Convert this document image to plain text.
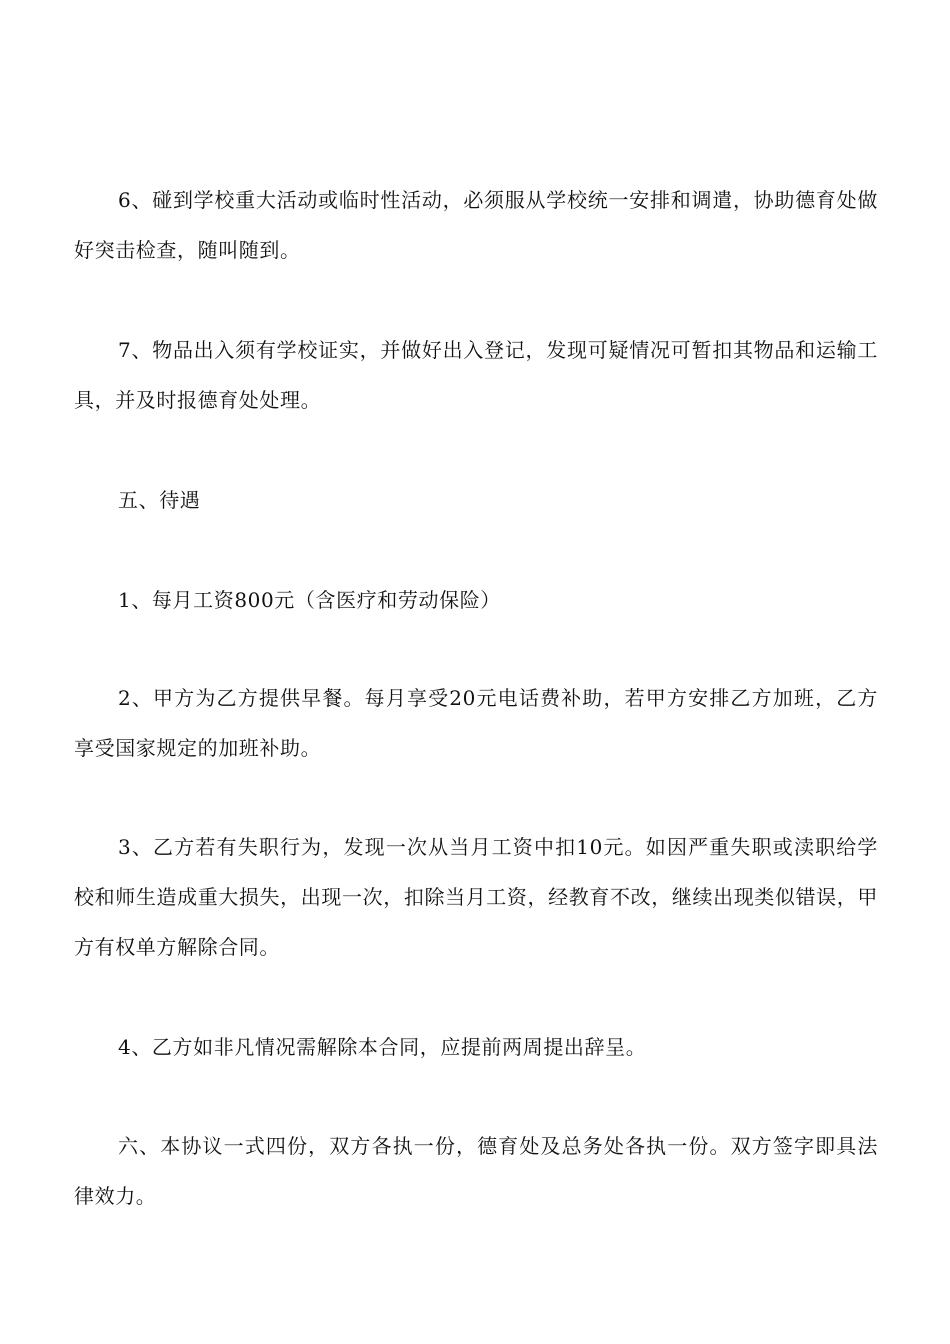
6、碰到学校重大活动或临时性活动，必须服从学校统一安排和调遣，协助德育处做好突击检查，随叫随到。

7、物品出入须有学校证实，并做好出入登记，发现可疑情况可暂扣其物品和运输工具，并及时报德育处处理。

五、待遇

1、每月工资800元（含医疗和劳动保险）

2、甲方为乙方提供早餐。每月享受20元电话费补助，若甲方安排乙方加班，乙方享受国家规定的加班补助。

3、乙方若有失职行为，发现一次从当月工资中扣10元。如因严重失职或渎职给学校和师生造成重大损失，出现一次，扣除当月工资，经教育不改，继续出现类似错误，甲方有权单方解除合同。

4、乙方如非凡情况需解除本合同，应提前两周提出辞呈。

六、本协议一式四份，双方各执一份，德育处及总务处各执一份。双方签字即具法律效力。
